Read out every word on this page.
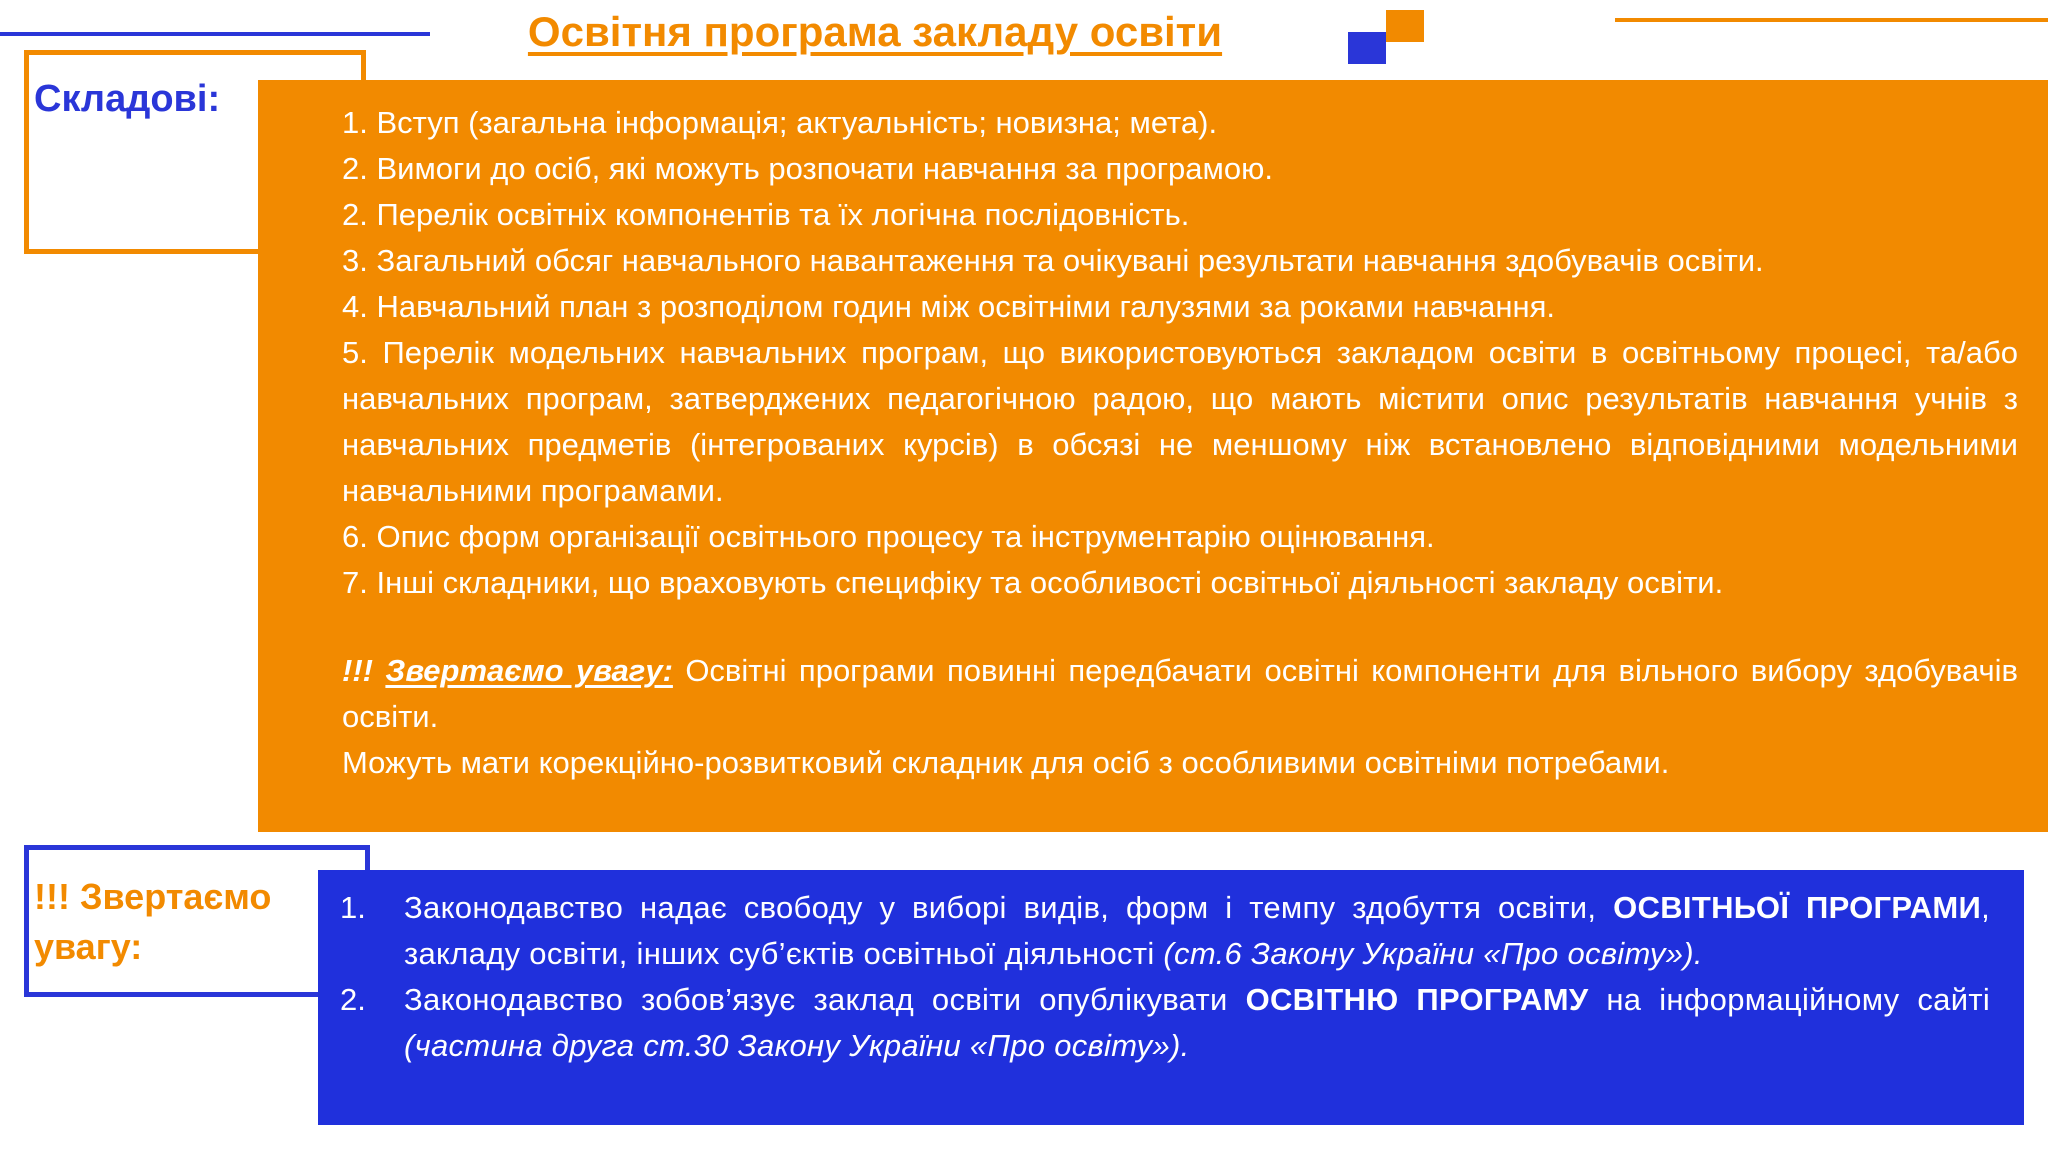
Освітня програма закладу освіти
Складові:

1. Вступ (загальна інформація; актуальність; новизна; мета).

2. Вимоги до осіб, які можуть розпочати навчання за програмою.

2. Перелік освітніх компонентів та їх логічна послідовність.

3. Загальний обсяг навчального навантаження та очікувані результати навчання здобувачів освіти.

4. Навчальний план з розподілом годин між освітніми галузями за роками навчання.

5. Перелік модельних навчальних програм, що використовуються закладом освіти в освітньому процесі, та/або навчальних програм, затверджених педагогічною радою, що мають містити опис результатів навчання учнів з навчальних предметів (інтегрованих курсів) в обсязі не меншому ніж встановлено відповідними модельними навчальними програмами.

6. Опис форм організації освітнього процесу та інструментарію оцінювання.

7. Інші складники, що враховують специфіку та особливості освітньої діяльності закладу освіти.

!!! Звертаємо увагу: Освітні програми повинні передбачати освітні компоненти для вільного вибору здобувачів освіти.

Можуть мати корекційно-розвитковий складник для осіб з особливими освітніми потребами.

!!! Звертаємо увагу:
1.	Законодавство надає свободу у виборі видів, форм і темпу здобуття освіти, ОСВІТНЬОЇ ПРОГРАМИ, закладу освіти, інших суб’єктів освітньої діяльності (ст.6 Закону України «Про освіту»).
2.	Законодавство зобов’язує заклад освіти опублікувати ОСВІТНЮ ПРОГРАМУ на інформаційному сайті (частина друга ст.30 Закону України «Про освіту»).
